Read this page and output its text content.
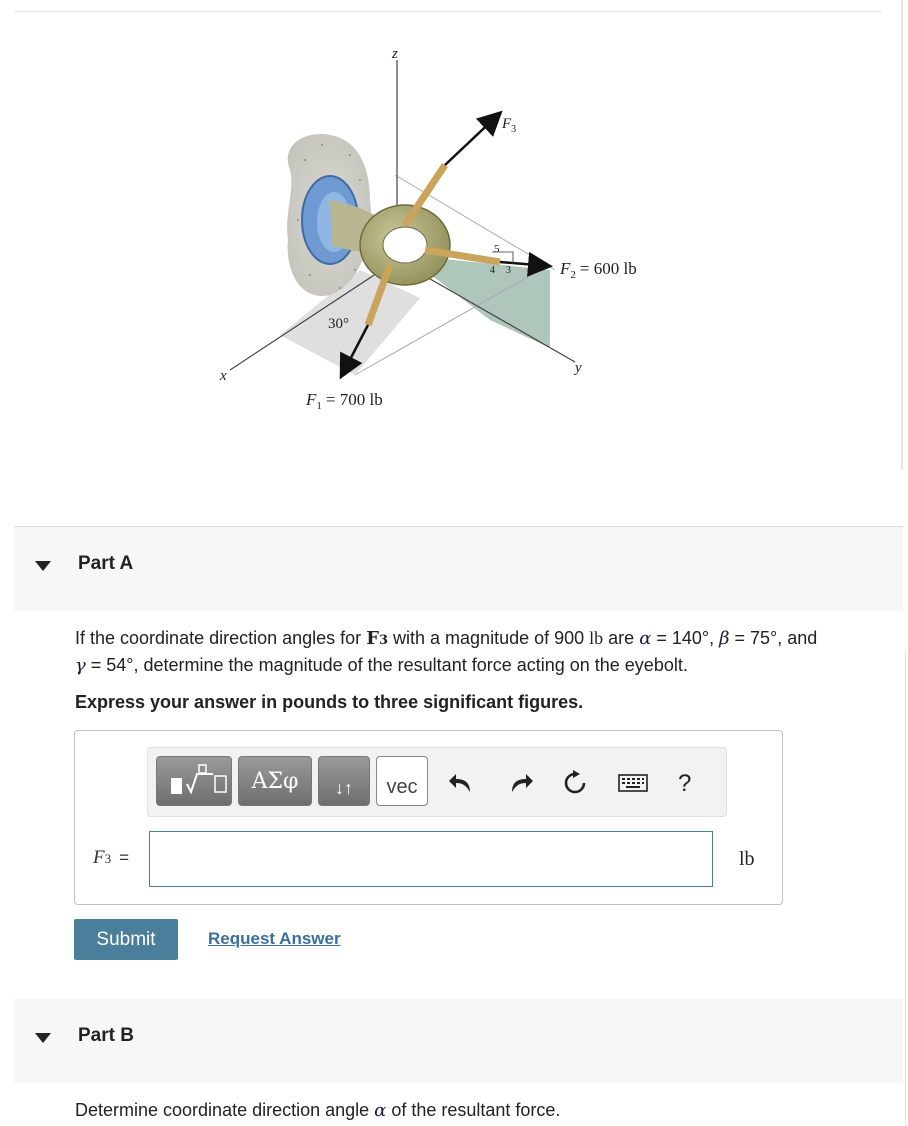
z
x	y
$F_3$
$F_2 = 600$ lb
$F_1 = 700$ lb
30°
5
4 3
Part A
If the coordinate direction angles for F3 with a magnitude of 900 lb are α = 140°, β = 75°, and
γ = 54°, determine the magnitude of the resultant force acting on the eyebolt.
Express your answer in pounds to three significant figures.
ΑΣφ	↓↑ vec	?
F3 =	lb
Submit	Request Answer
Part B
Determine coordinate direction angle α of the resultant force.
